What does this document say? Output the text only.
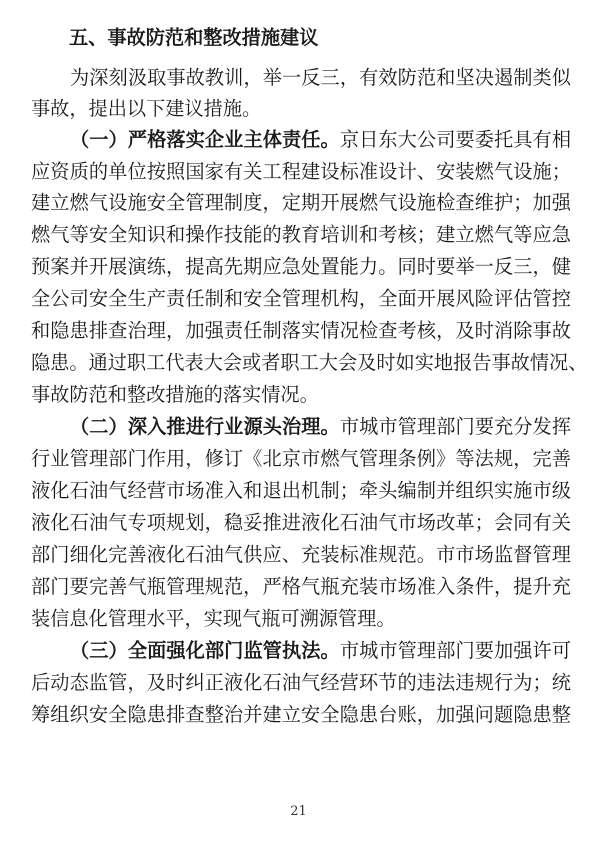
五、事故防范和整改措施建议
为深刻汲取事故教训，举一反三，有效防范和坚决遏制类似
事故，提出以下建议措施。
（一）严格落实企业主体责任。京日东大公司要委托具有相
应资质的单位按照国家有关工程建设标准设计、安装燃气设施；
建立燃气设施安全管理制度，定期开展燃气设施检查维护；加强
燃气等安全知识和操作技能的教育培训和考核；建立燃气等应急
预案并开展演练，提高先期应急处置能力。同时要举一反三，健
全公司安全生产责任制和安全管理机构，全面开展风险评估管控
和隐患排查治理，加强责任制落实情况检查考核，及时消除事故
隐患。通过职工代表大会或者职工大会及时如实地报告事故情况、
事故防范和整改措施的落实情况。
（二）深入推进行业源头治理。市城市管理部门要充分发挥
行业管理部门作用，修订《北京市燃气管理条例》等法规，完善
液化石油气经营市场准入和退出机制；牵头编制并组织实施市级
液化石油气专项规划，稳妥推进液化石油气市场改革；会同有关
部门细化完善液化石油气供应、充装标准规范。市市场监督管理
部门要完善气瓶管理规范，严格气瓶充装市场准入条件，提升充
装信息化管理水平，实现气瓶可溯源管理。
（三）全面强化部门监管执法。市城市管理部门要加强许可
后动态监管，及时纠正液化石油气经营环节的违法违规行为；统
筹组织安全隐患排查整治并建立安全隐患台账，加强问题隐患整
21
